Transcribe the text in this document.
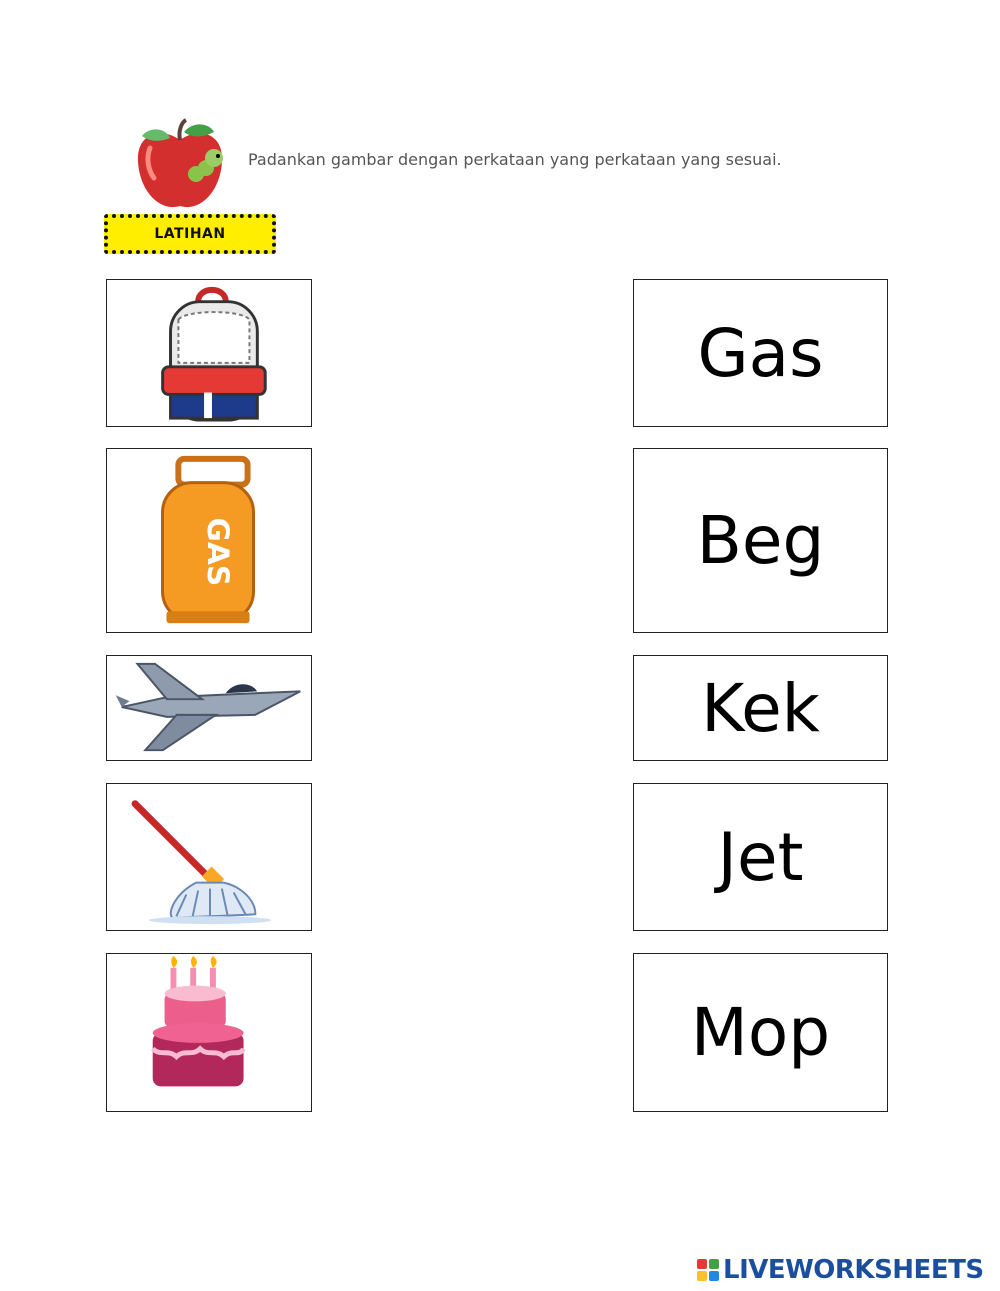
LATIHAN
Padankan gambar dengan perkataan yang perkataan yang sesuai.
GAS
Gas
Beg
Kek
Jet
Mop
LIVEWORKSHEETS
